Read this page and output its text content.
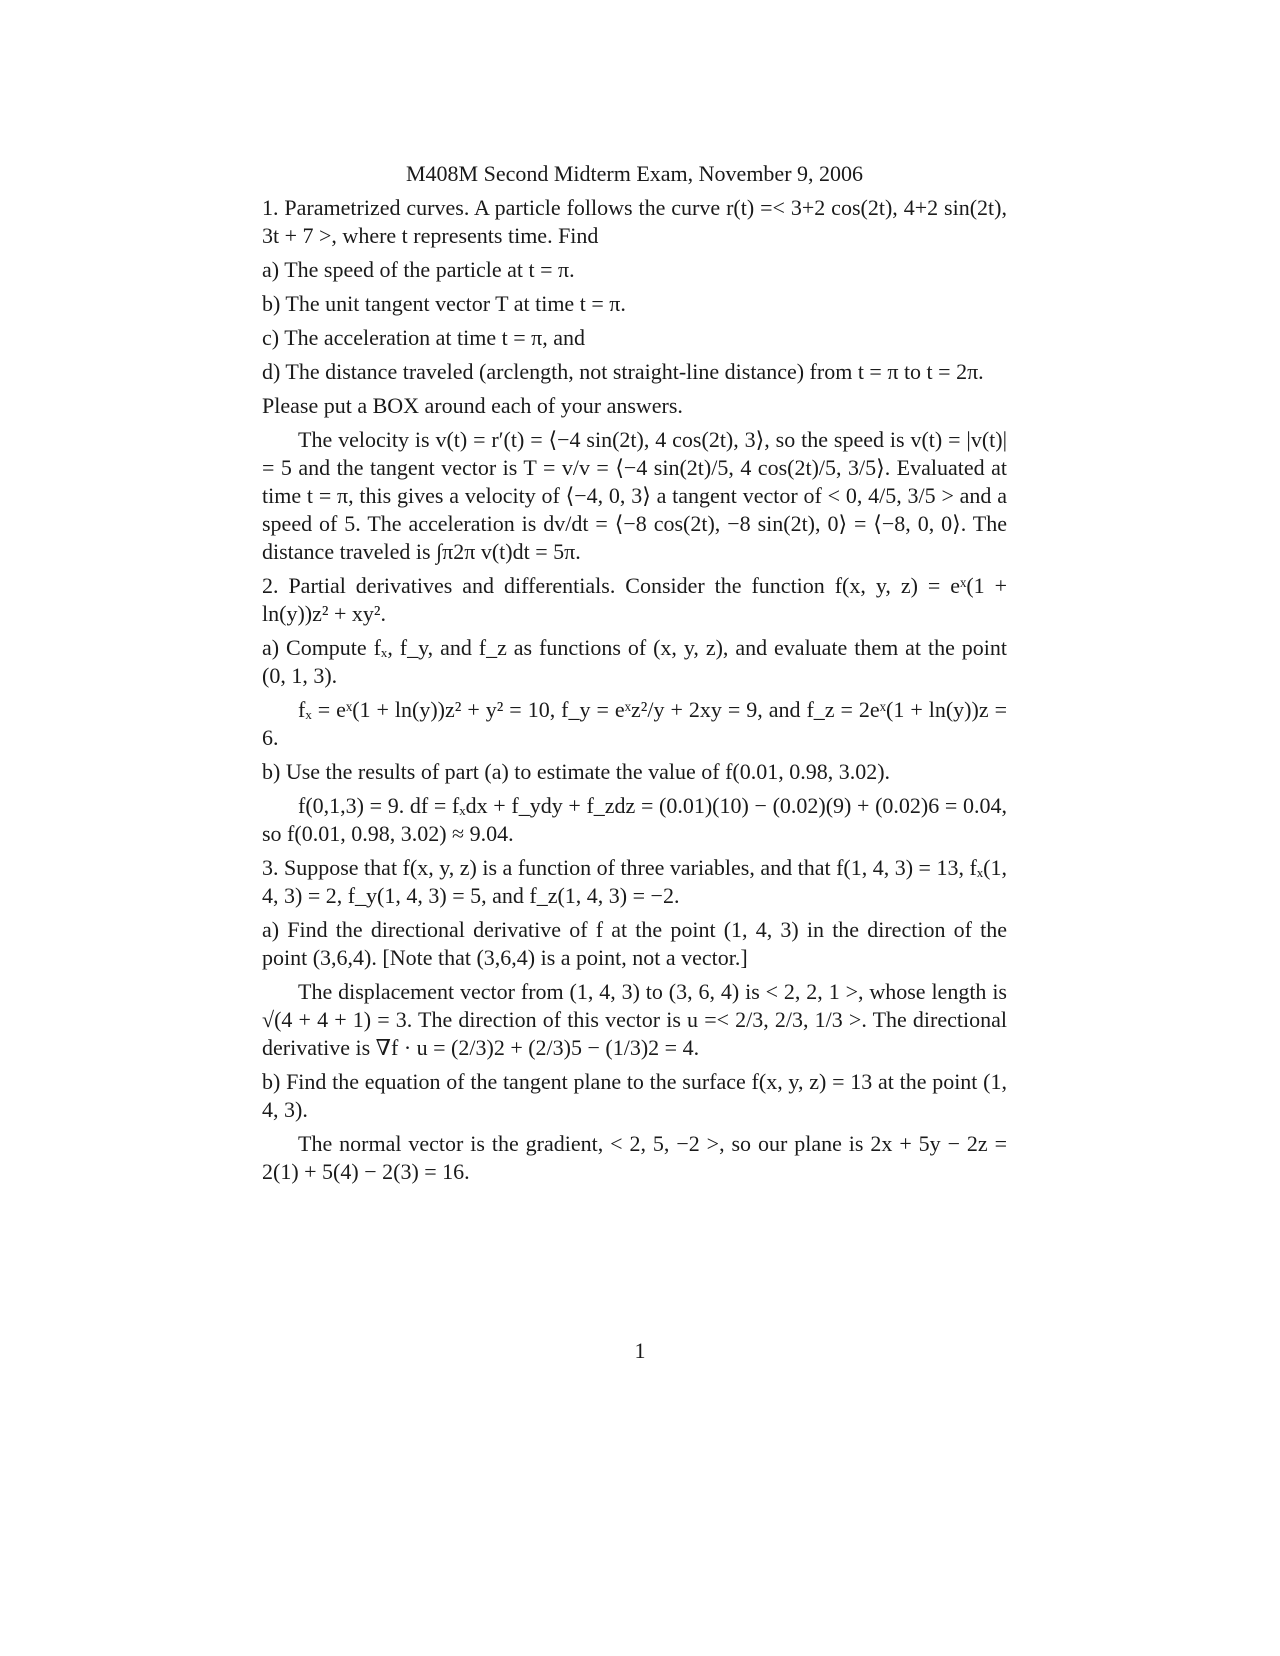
M408M Second Midterm Exam, November 9, 2006
1. Parametrized curves. A particle follows the curve r(t) =< 3+2 cos(2t), 4+2 sin(2t), 3t + 7 >, where t represents time. Find
a) The speed of the particle at t = π.
b) The unit tangent vector T at time t = π.
c) The acceleration at time t = π, and
d) The distance traveled (arclength, not straight-line distance) from t = π to t = 2π.
Please put a BOX around each of your answers.
The velocity is v(t) = r′(t) = ⟨−4 sin(2t), 4 cos(2t), 3⟩, so the speed is v(t) = |v(t)| = 5 and the tangent vector is T = v/v = ⟨−4 sin(2t)/5, 4 cos(2t)/5, 3/5⟩. Evaluated at time t = π, this gives a velocity of ⟨−4, 0, 3⟩ a tangent vector of < 0, 4/5, 3/5 > and a speed of 5. The acceleration is dv/dt = ⟨−8 cos(2t), −8 sin(2t), 0⟩ = ⟨−8, 0, 0⟩. The distance traveled is ∫π2π v(t)dt = 5π.
2. Partial derivatives and differentials. Consider the function f(x, y, z) = eˣ(1 + ln(y))z² + xy².
a) Compute fₓ, f_y, and f_z as functions of (x, y, z), and evaluate them at the point (0, 1, 3).
fₓ = eˣ(1 + ln(y))z² + y² = 10, f_y = eˣz²/y + 2xy = 9, and f_z = 2eˣ(1 + ln(y))z = 6.
b) Use the results of part (a) to estimate the value of f(0.01, 0.98, 3.02).
f(0,1,3) = 9. df = fₓdx + f_ydy + f_zdz = (0.01)(10) − (0.02)(9) + (0.02)6 = 0.04, so f(0.01, 0.98, 3.02) ≈ 9.04.
3. Suppose that f(x, y, z) is a function of three variables, and that f(1, 4, 3) = 13, fₓ(1, 4, 3) = 2, f_y(1, 4, 3) = 5, and f_z(1, 4, 3) = −2.
a) Find the directional derivative of f at the point (1, 4, 3) in the direction of the point (3,6,4). [Note that (3,6,4) is a point, not a vector.]
The displacement vector from (1, 4, 3) to (3, 6, 4) is < 2, 2, 1 >, whose length is √(4 + 4 + 1) = 3. The direction of this vector is u =< 2/3, 2/3, 1/3 >. The directional derivative is ∇f · u = (2/3)2 + (2/3)5 − (1/3)2 = 4.
b) Find the equation of the tangent plane to the surface f(x, y, z) = 13 at the point (1, 4, 3).
The normal vector is the gradient, < 2, 5, −2 >, so our plane is 2x + 5y − 2z = 2(1) + 5(4) − 2(3) = 16.
1
